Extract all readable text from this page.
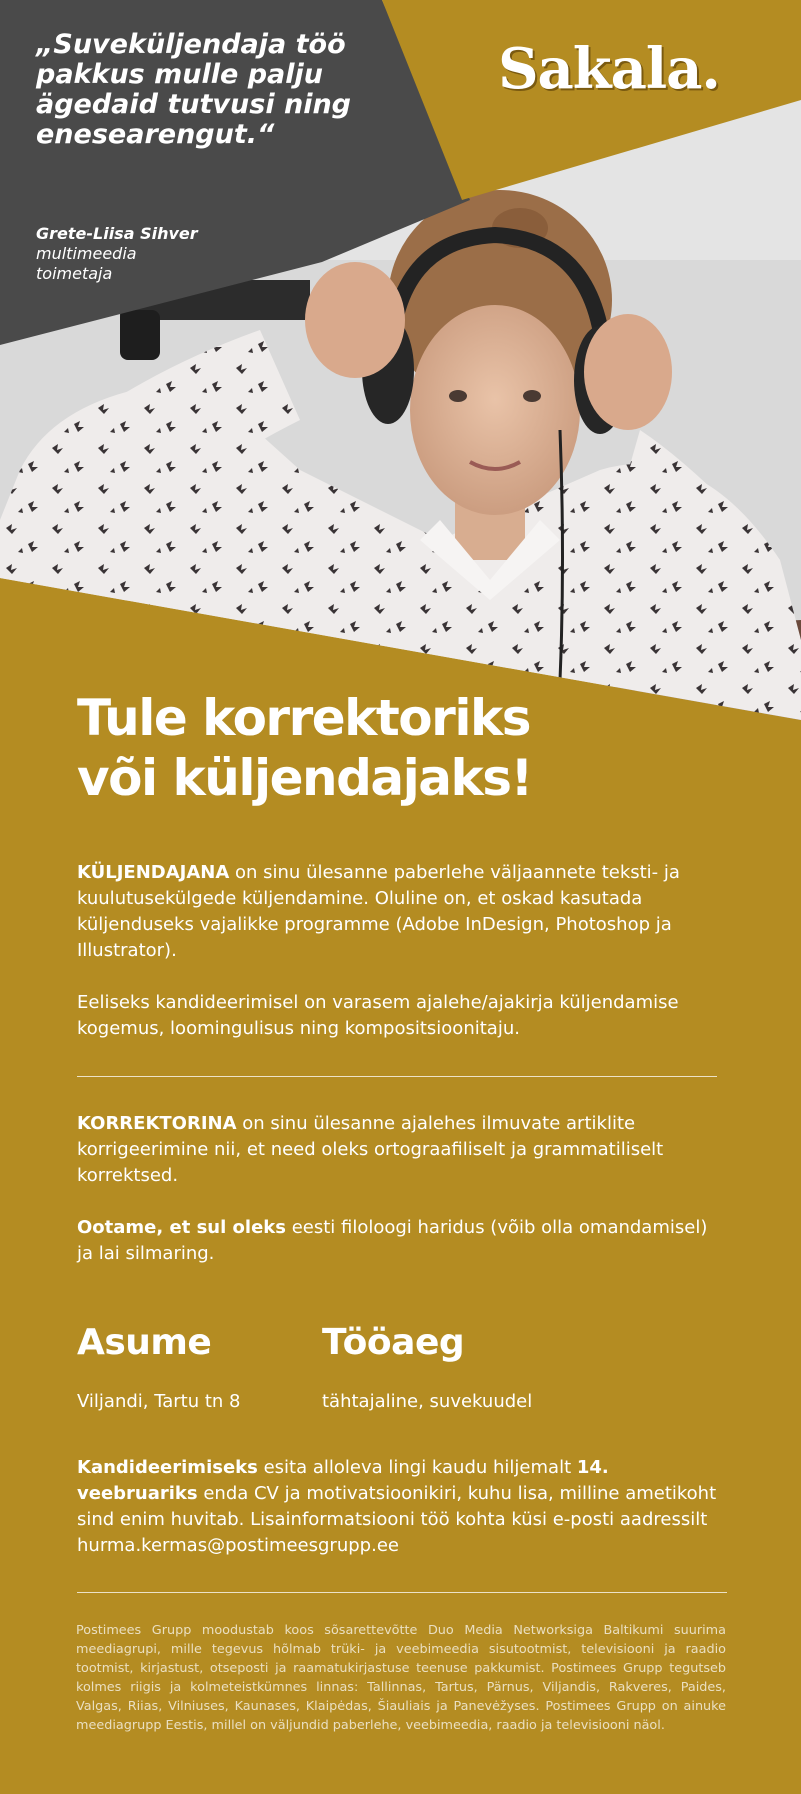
„Suveküljendaja töö pakkus mulle palju ägedaid tutvusi ning enesearengut.“
Grete-Liisa Sihver
multimeedia toimetaja
Sakala.
Tule korrektoriks
või küljendajaks!

KÜLJENDAJANA on sinu ülesanne paberlehe väljaannete teksti- ja kuulutusekülgede küljendamine. Oluline on, et oskad kasutada küljenduseks vajalikke programme (Adobe InDesign, Photoshop ja Illustrator).

Eeliseks kandideerimisel on varasem ajalehe/ajakirja küljendamise kogemus, loomingulisus ning kompositsioonitaju.

KORREKTORINA on sinu ülesanne ajalehes ilmuvate artiklite korrigeerimine nii, et need oleks ortograafiliselt ja grammatiliselt korrektsed.

Ootame, et sul oleks eesti filoloogi haridus (võib olla omandamisel) ja lai silmaring.

Asume
Viljandi, Tartu tn 8
Tööaeg
tähtajaline, suvekuudel

Kandideerimiseks esita alloleva lingi kaudu hiljemalt 14. veebruariks enda CV ja motivatsioonikiri, kuhu lisa, milline ametikoht sind enim huvitab. Lisainformatsiooni töö kohta küsi e-posti aadressilt hurma.kermas@postimeesgrupp.ee

Postimees Grupp moodustab koos sõsarettevõtte Duo Media Networksiga Baltikumi suurima meediagrupi, mille tegevus hõlmab trüki- ja veebimeedia sisutootmist, televisiooni ja raadio tootmist, kirjastust, otseposti ja raamatukirjastuse teenuse pakkumist. Postimees Grupp tegutseb kolmes riigis ja kolmeteistkümnes linnas: Tallinnas, Tartus, Pärnus, Viljandis, Rakveres, Paides, Valgas, Riias, Vilniuses, Kaunases, Klaipėdas, Šiauliais ja Panevėžyses. Postimees Grupp on ainuke meediagrupp Eestis, millel on väljundid paberlehe, veebimeedia, raadio ja televisiooni näol.
